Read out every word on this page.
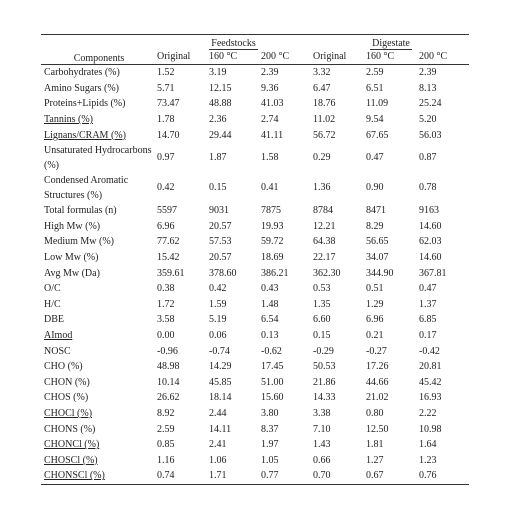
Components	Feedstocks			Digestate		
	Original	160 °C	200 °C	Original	160 °C	200 °C
Carbohydrates (%)	1.52	3.19	2.39	3.32	2.59	2.39
Amino Sugars (%)	5.71	12.15	9.36	6.47	6.51	8.13
Proteins+Lipids (%)	73.47	48.88	41.03	18.76	11.09	25.24
Tannins (%)	1.78	2.36	2.74	11.02	9.54	5.20
Lignans/CRAM (%)	14.70	29.44	41.11	56.72	67.65	56.03
Unsaturated Hydrocarbons (%)	0.97	1.87	1.58	0.29	0.47	0.87
Condensed Aromatic Structures (%)	0.42	0.15	0.41	1.36	0.90	0.78
Total formulas (n)	5597	9031	7875	8784	8471	9163
High Mw (%)	6.96	20.57	19.93	12.21	8.29	14.60
Medium Mw (%)	77.62	57.53	59.72	64.38	56.65	62.03
Low Mw (%)	15.42	20.57	18.69	22.17	34.07	14.60
Avg Mw (Da)	359.61	378.60	386.21	362.30	344.90	367.81
O/C	0.38	0.42	0.43	0.53	0.51	0.47
H/C	1.72	1.59	1.48	1.35	1.29	1.37
DBE	3.58	5.19	6.54	6.60	6.96	6.85
AImod	0.00	0.06	0.13	0.15	0.21	0.17
NOSC	-0.96	-0.74	-0.62	-0.29	-0.27	-0.42
CHO (%)	48.98	14.29	17.45	50.53	17.26	20.81
CHON (%)	10.14	45.85	51.00	21.86	44.66	45.42
CHOS (%)	26.62	18.14	15.60	14.33	21.02	16.93
CHOCl (%)	8.92	2.44	3.80	3.38	0.80	2.22
CHONS (%)	2.59	14.11	8.37	7.10	12.50	10.98
CHONCl (%)	0.85	2.41	1.97	1.43	1.81	1.64
CHOSCl (%)	1.16	1.06	1.05	0.66	1.27	1.23
CHONSCl (%)	0.74	1.71	0.77	0.70	0.67	0.76
